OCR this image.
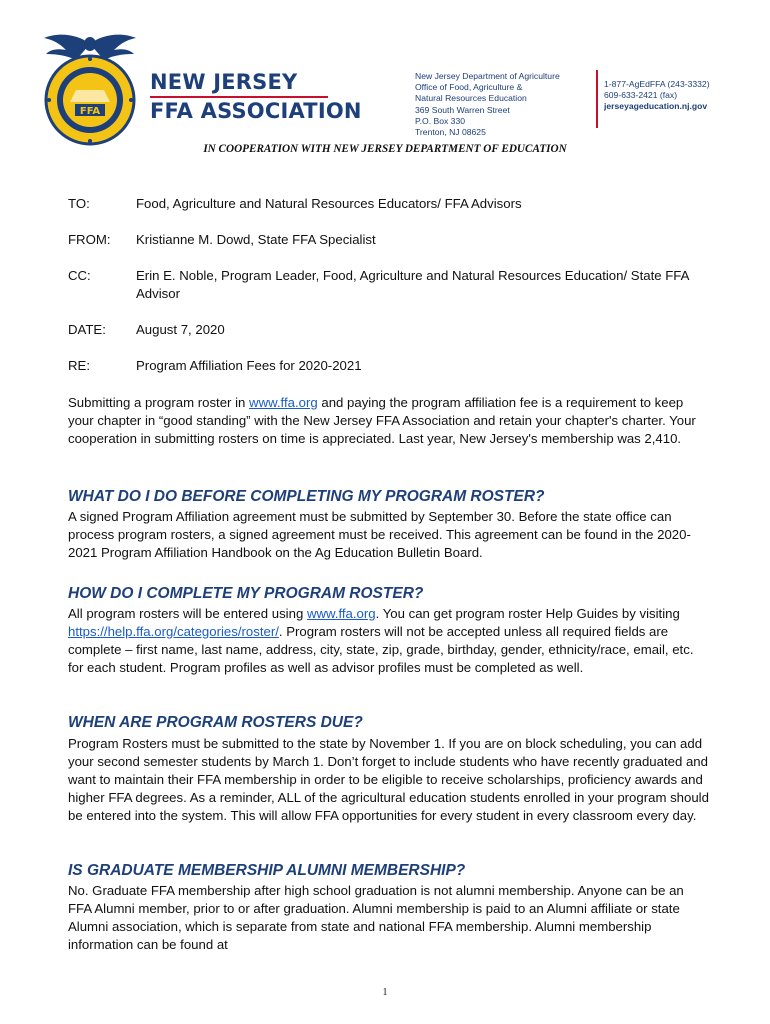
FFA
NEW JERSEY
FFA ASSOCIATION
New Jersey Department of Agriculture
Office of Food, Agriculture &
Natural Resources Education
369 South Warren Street
P.O. Box 330
Trenton, NJ 08625
1-877-AgEdFFA (243-3332)
609-633-2421 (fax)
jerseyageducation.nj.gov
IN COOPERATION WITH NEW JERSEY DEPARTMENT OF EDUCATION
TO:	Food, Agriculture and Natural Resources Educators/ FFA Advisors
FROM: Kristianne M. Dowd, State FFA Specialist
CC:	Erin E. Noble, Program Leader, Food, Agriculture and Natural Resources Education/ State FFA Advisor
DATE: August 7, 2020
RE:	Program Affiliation Fees for 2020-2021
Submitting a program roster in www.ffa.org and paying the program affiliation fee is a requirement to keep your chapter in “good standing” with the New Jersey FFA Association and retain your chapter's charter. Your cooperation in submitting rosters on time is appreciated. Last year, New Jersey's membership was 2,410.
WHAT DO I DO BEFORE COMPLETING MY PROGRAM ROSTER?
A signed Program Affiliation agreement must be submitted by September 30. Before the state office can process program rosters, a signed agreement must be received. This agreement can be found in the 2020-2021 Program Affiliation Handbook on the Ag Education Bulletin Board.
HOW DO I COMPLETE MY PROGRAM ROSTER?
All program rosters will be entered using www.ffa.org. You can get program roster Help Guides by visiting https://help.ffa.org/categories/roster/. Program rosters will not be accepted unless all required fields are complete – first name, last name, address, city, state, zip, grade, birthday, gender, ethnicity/race, email, etc. for each student. Program profiles as well as advisor profiles must be completed as well.
WHEN ARE PROGRAM ROSTERS DUE?
Program Rosters must be submitted to the state by November 1. If you are on block scheduling, you can add your second semester students by March 1. Don’t forget to include students who have recently graduated and want to maintain their FFA membership in order to be eligible to receive scholarships, proficiency awards and higher FFA degrees. As a reminder, ALL of the agricultural education students enrolled in your program should be entered into the system. This will allow FFA opportunities for every student in every classroom every day.
IS GRADUATE MEMBERSHIP ALUMNI MEMBERSHIP?
No. Graduate FFA membership after high school graduation is not alumni membership. Anyone can be an FFA Alumni member, prior to or after graduation. Alumni membership is paid to an Alumni affiliate or state Alumni association, which is separate from state and national FFA membership. Alumni membership information can be found at
1
